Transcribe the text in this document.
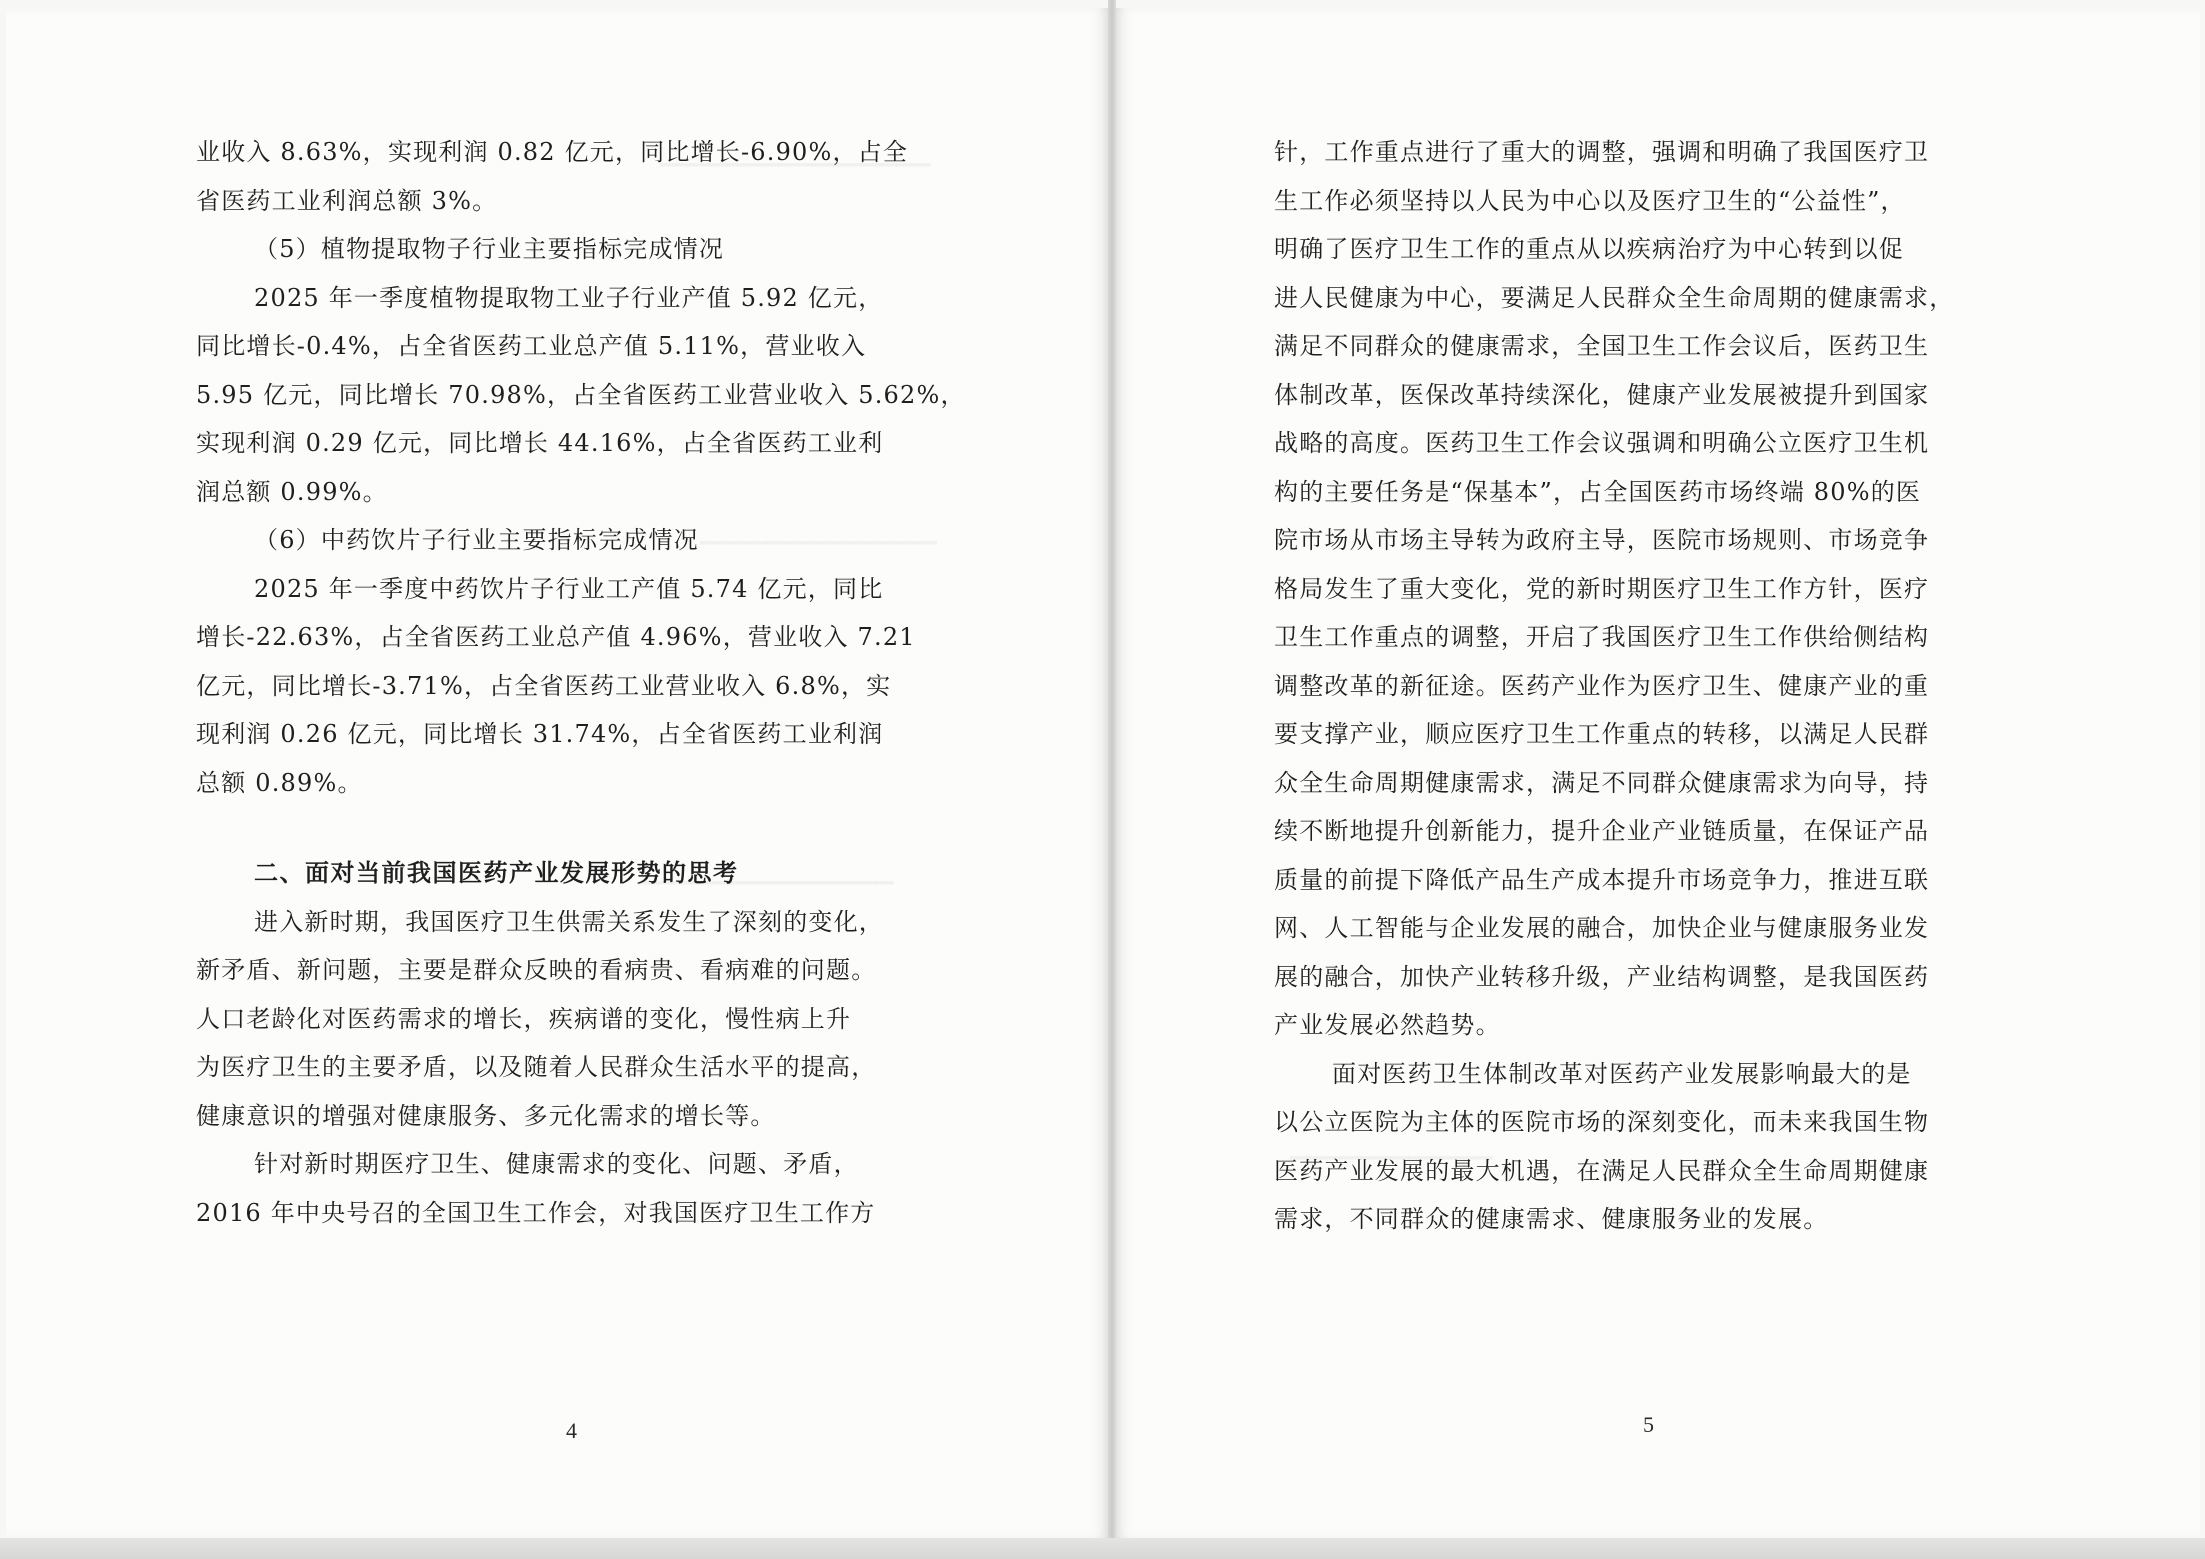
业收入 8.63%，实现利润 0.82 亿元，同比增长-6.90%，占全
省医药工业利润总额 3%。
（5）植物提取物子行业主要指标完成情况
2025 年一季度植物提取物工业子行业产值 5.92 亿元，
同比增长-0.4%，占全省医药工业总产值 5.11%，营业收入
5.95 亿元，同比增长 70.98%，占全省医药工业营业收入 5.62%，
实现利润 0.29 亿元，同比增长 44.16%，占全省医药工业利
润总额 0.99%。
（6）中药饮片子行业主要指标完成情况
2025 年一季度中药饮片子行业工产值 5.74 亿元，同比
增长-22.63%，占全省医药工业总产值 4.96%，营业收入 7.21
亿元，同比增长-3.71%，占全省医药工业营业收入 6.8%，实
现利润 0.26 亿元，同比增长 31.74%，占全省医药工业利润
总额 0.89%。
二、面对当前我国医药产业发展形势的思考
进入新时期，我国医疗卫生供需关系发生了深刻的变化，
新矛盾、新问题，主要是群众反映的看病贵、看病难的问题。
人口老龄化对医药需求的增长，疾病谱的变化，慢性病上升
为医疗卫生的主要矛盾，以及随着人民群众生活水平的提高，
健康意识的增强对健康服务、多元化需求的增长等。
针对新时期医疗卫生、健康需求的变化、问题、矛盾，
2016 年中央号召的全国卫生工作会，对我国医疗卫生工作方
4
针，工作重点进行了重大的调整，强调和明确了我国医疗卫
生工作必须坚持以人民为中心以及医疗卫生的“公益性”，
明确了医疗卫生工作的重点从以疾病治疗为中心转到以促
进人民健康为中心，要满足人民群众全生命周期的健康需求，
满足不同群众的健康需求，全国卫生工作会议后，医药卫生
体制改革，医保改革持续深化，健康产业发展被提升到国家
战略的高度。医药卫生工作会议强调和明确公立医疗卫生机
构的主要任务是“保基本”，占全国医药市场终端 80%的医
院市场从市场主导转为政府主导，医院市场规则、市场竞争
格局发生了重大变化，党的新时期医疗卫生工作方针，医疗
卫生工作重点的调整，开启了我国医疗卫生工作供给侧结构
调整改革的新征途。医药产业作为医疗卫生、健康产业的重
要支撑产业，顺应医疗卫生工作重点的转移，以满足人民群
众全生命周期健康需求，满足不同群众健康需求为向导，持
续不断地提升创新能力，提升企业产业链质量，在保证产品
质量的前提下降低产品生产成本提升市场竞争力，推进互联
网、人工智能与企业发展的融合，加快企业与健康服务业发
展的融合，加快产业转移升级，产业结构调整，是我国医药
产业发展必然趋势。
面对医药卫生体制改革对医药产业发展影响最大的是
以公立医院为主体的医院市场的深刻变化，而未来我国生物
医药产业发展的最大机遇，在满足人民群众全生命周期健康
需求，不同群众的健康需求、健康服务业的发展。
5
